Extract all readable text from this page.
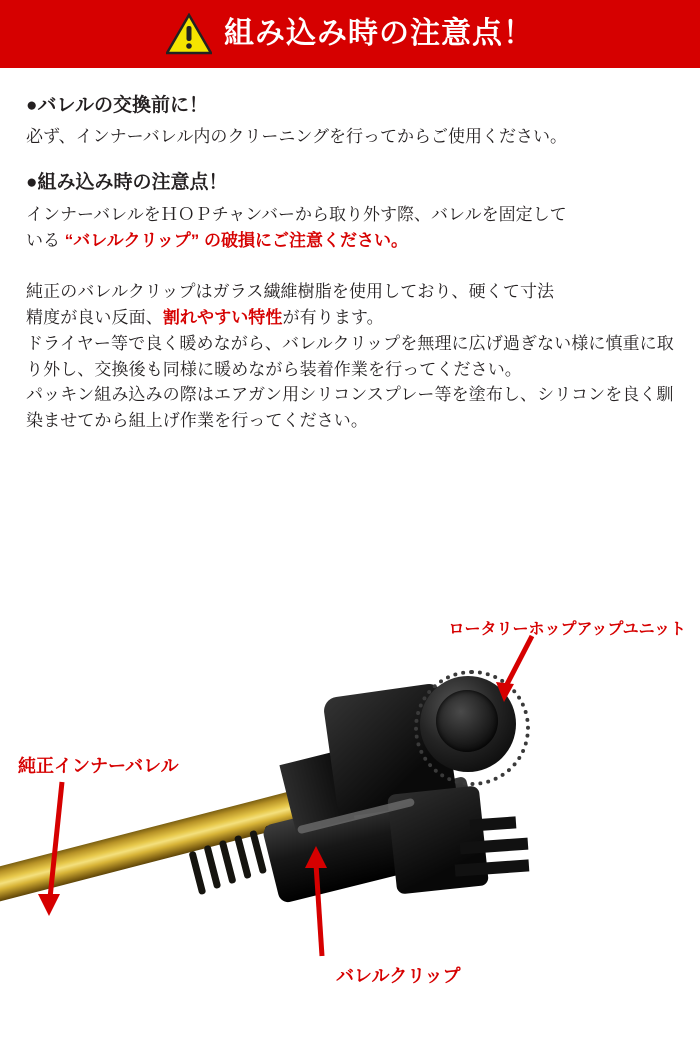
組み込み時の注意点！
●バレルの交換前に！

必ず、インナーバレル内のクリーニングを行ってからご使用ください。

●組み込み時の注意点！

インナーバレルをＨＯＰチャンバーから取り外す際、バレルを固定して
いる “バレルクリップ” の破損にご注意ください。

純正のバレルクリップはガラス繊維樹脂を使用しており、硬くて寸法
精度が良い反面、割れやすい特性が有ります。

ドライヤー等で良く暖めながら、バレルクリップを無理に広げ過ぎない様に慎重に取り外し、交換後も同様に暖めながら装着作業を行ってください。

パッキン組み込みの際はエアガン用シリコンスプレー等を塗布し、シリコンを良く馴染ませてから組上げ作業を行ってください。

ロータリーホップアップユニット
純正インナーバレル
バレルクリップ
